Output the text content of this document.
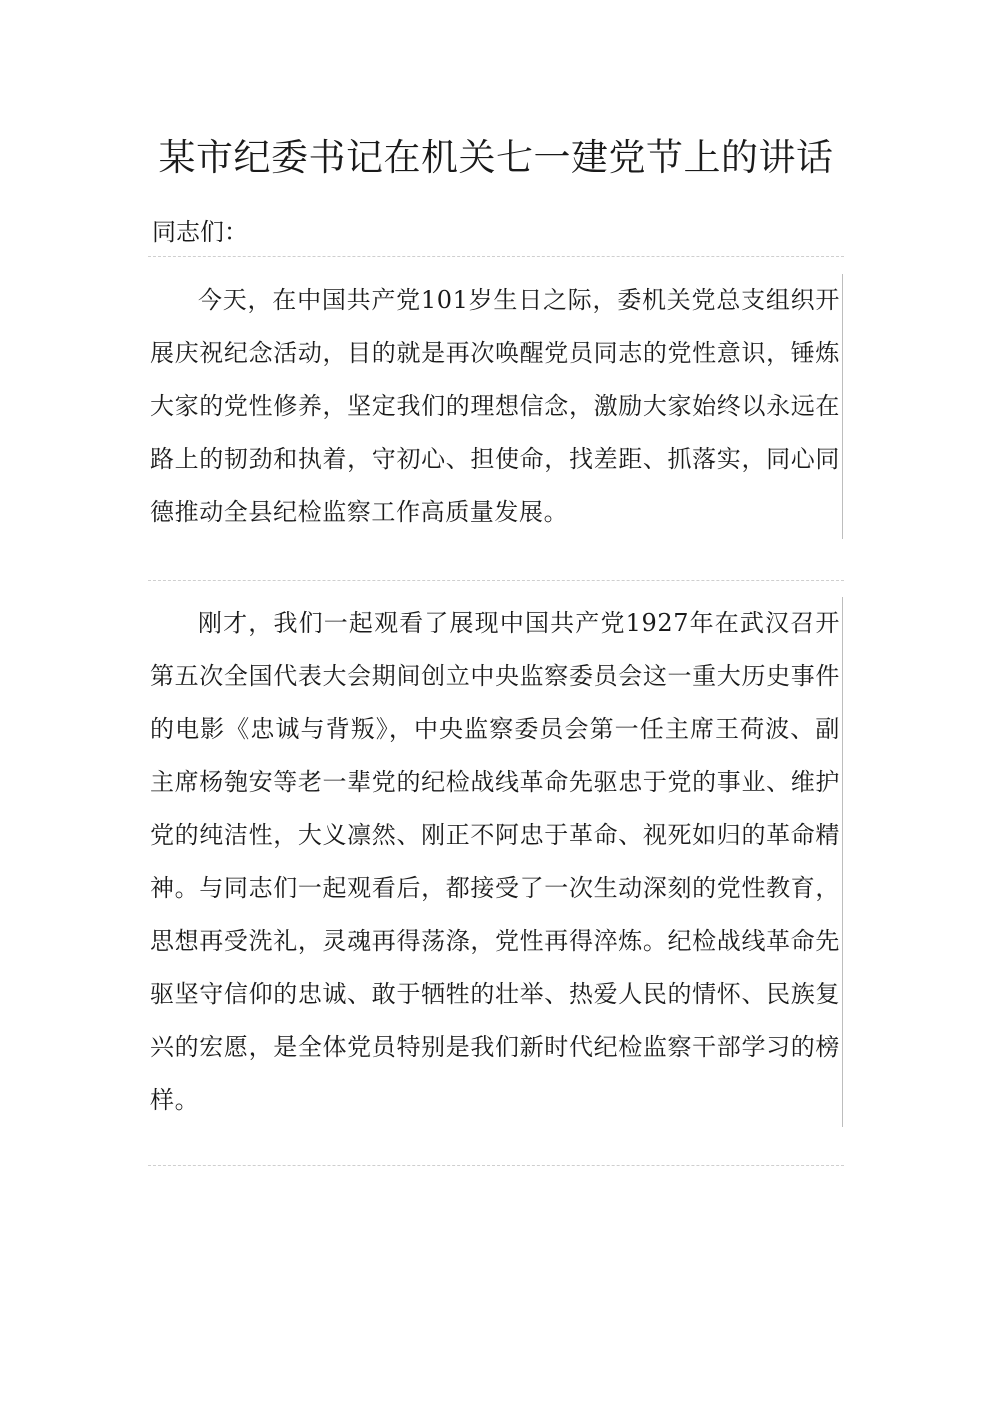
某市纪委书记在机关七一建党节上的讲话

同志们：

今天，在中国共产党101岁生日之际，委机关党总支组织开展庆祝纪念活动，目的就是再次唤醒党员同志的党性意识，锤炼大家的党性修养，坚定我们的理想信念，激励大家始终以永远在路上的韧劲和执着，守初心、担使命，找差距、抓落实，同心同德推动全县纪检监察工作高质量发展。

刚才，我们一起观看了展现中国共产党1927年在武汉召开第五次全国代表大会期间创立中央监察委员会这一重大历史事件的电影《忠诚与背叛》，中央监察委员会第一任主席王荷波、副主席杨匏安等老一辈党的纪检战线革命先驱忠于党的事业、维护党的纯洁性，大义凛然、刚正不阿忠于革命、视死如归的革命精神。与同志们一起观看后，都接受了一次生动深刻的党性教育，思想再受洗礼，灵魂再得荡涤，党性再得淬炼。纪检战线革命先驱坚守信仰的忠诚、敢于牺牲的壮举、热爱人民的情怀、民族复兴的宏愿，是全体党员特别是我们新时代纪检监察干部学习的榜样。
